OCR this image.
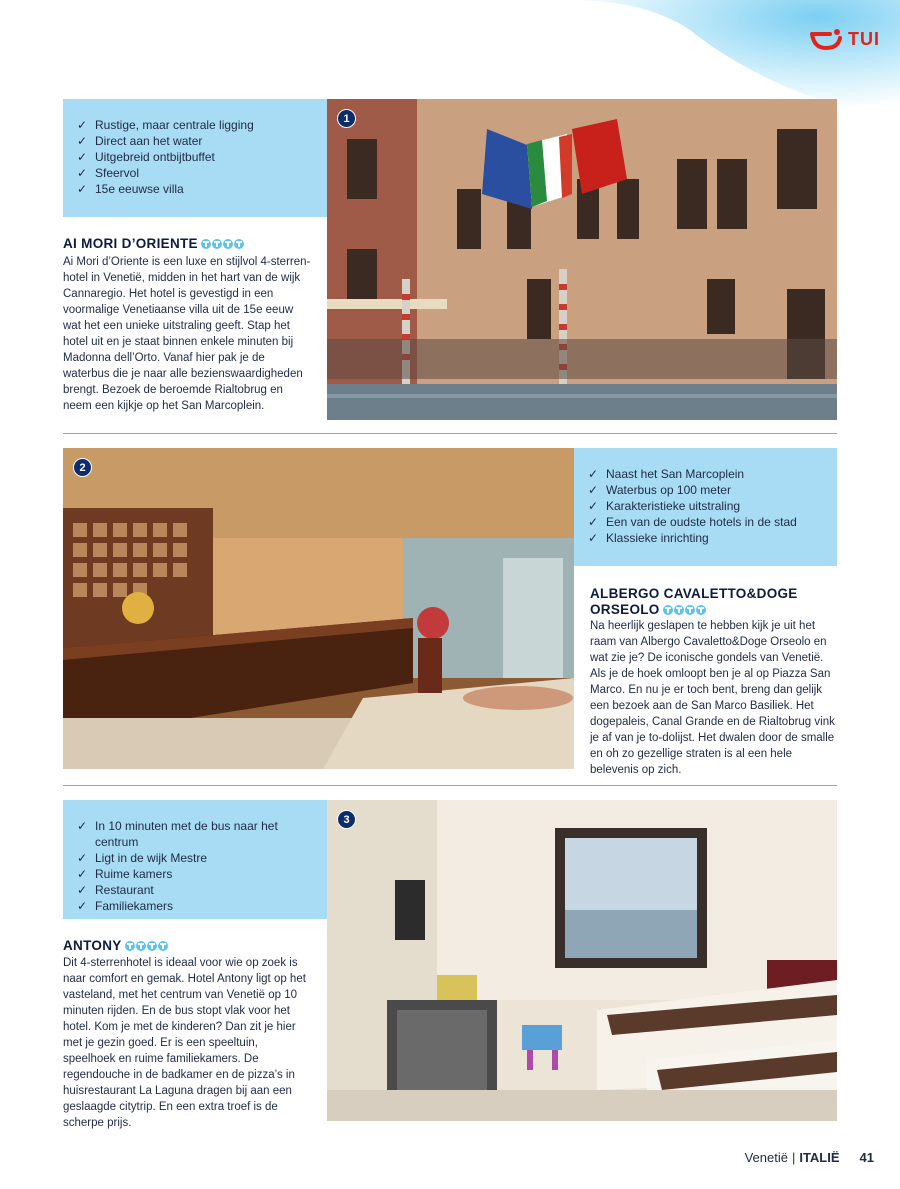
TUI
✓ Rustige, maar centrale ligging
✓ Direct aan het water
✓ Uitgebreid ontbijtbuffet
✓ Sfeervol
✓ 15e eeuwse villa
1
AI MORI D’ORIENTE
Ai Mori d’Oriente is een luxe en stijlvol 4-sterren-hotel in Venetië, midden in het hart van de wijk Cannaregio. Het hotel is gevestigd in een voormalige Venetiaanse villa uit de 15e eeuw wat het een unieke uitstraling geeft. Stap het hotel uit en je staat binnen enkele minuten bij Madonna dell’Orto. Vanaf hier pak je de waterbus die je naar alle bezienswaardigheden brengt. Bezoek de beroemde Rialtobrug en neem een kijkje op het San Marcoplein.
2	✓ Naast het San Marcoplein
✓ Waterbus op 100 meter
✓ Karakteristieke uitstraling
✓ Een van de oudste hotels in de stad
✓ Klassieke inrichting
ALBERGO CAVALETTO&DOGE
ORSEOLO
Na heerlijk geslapen te hebben kijk je uit het raam van Albergo Cavaletto&Doge Orseolo en wat zie je? De iconische gondels van Venetië. Als je de hoek omloopt ben je al op Piazza San Marco. En nu je er toch bent, breng dan gelijk een bezoek aan de San Marco Basiliek. Het dogepaleis, Canal Grande en de Rialtobrug vink je af van je to-dolijst. Het dwalen door de smalle en oh zo gezellige straten is al een hele belevenis op zich.
✓ In 10 minuten met de bus naar het centrum
✓ Ligt in de wijk Mestre
✓ Ruime kamers
✓ Restaurant
✓ Familiekamers
3
ANTONY
Dit 4-sterrenhotel is ideaal voor wie op zoek is naar comfort en gemak. Hotel Antony ligt op het vasteland, met het centrum van Venetië op 10 minuten rijden. En de bus stopt vlak voor het hotel. Kom je met de kinderen? Dan zit je hier met je gezin goed. Er is een speeltuin, speelhoek en ruime familiekamers. De regendouche in de badkamer en de pizza’s in huisrestaurant La Laguna dragen bij aan een geslaagde citytrip. En een extra troef is de scherpe prijs.
Venetië | ITALIË 41
